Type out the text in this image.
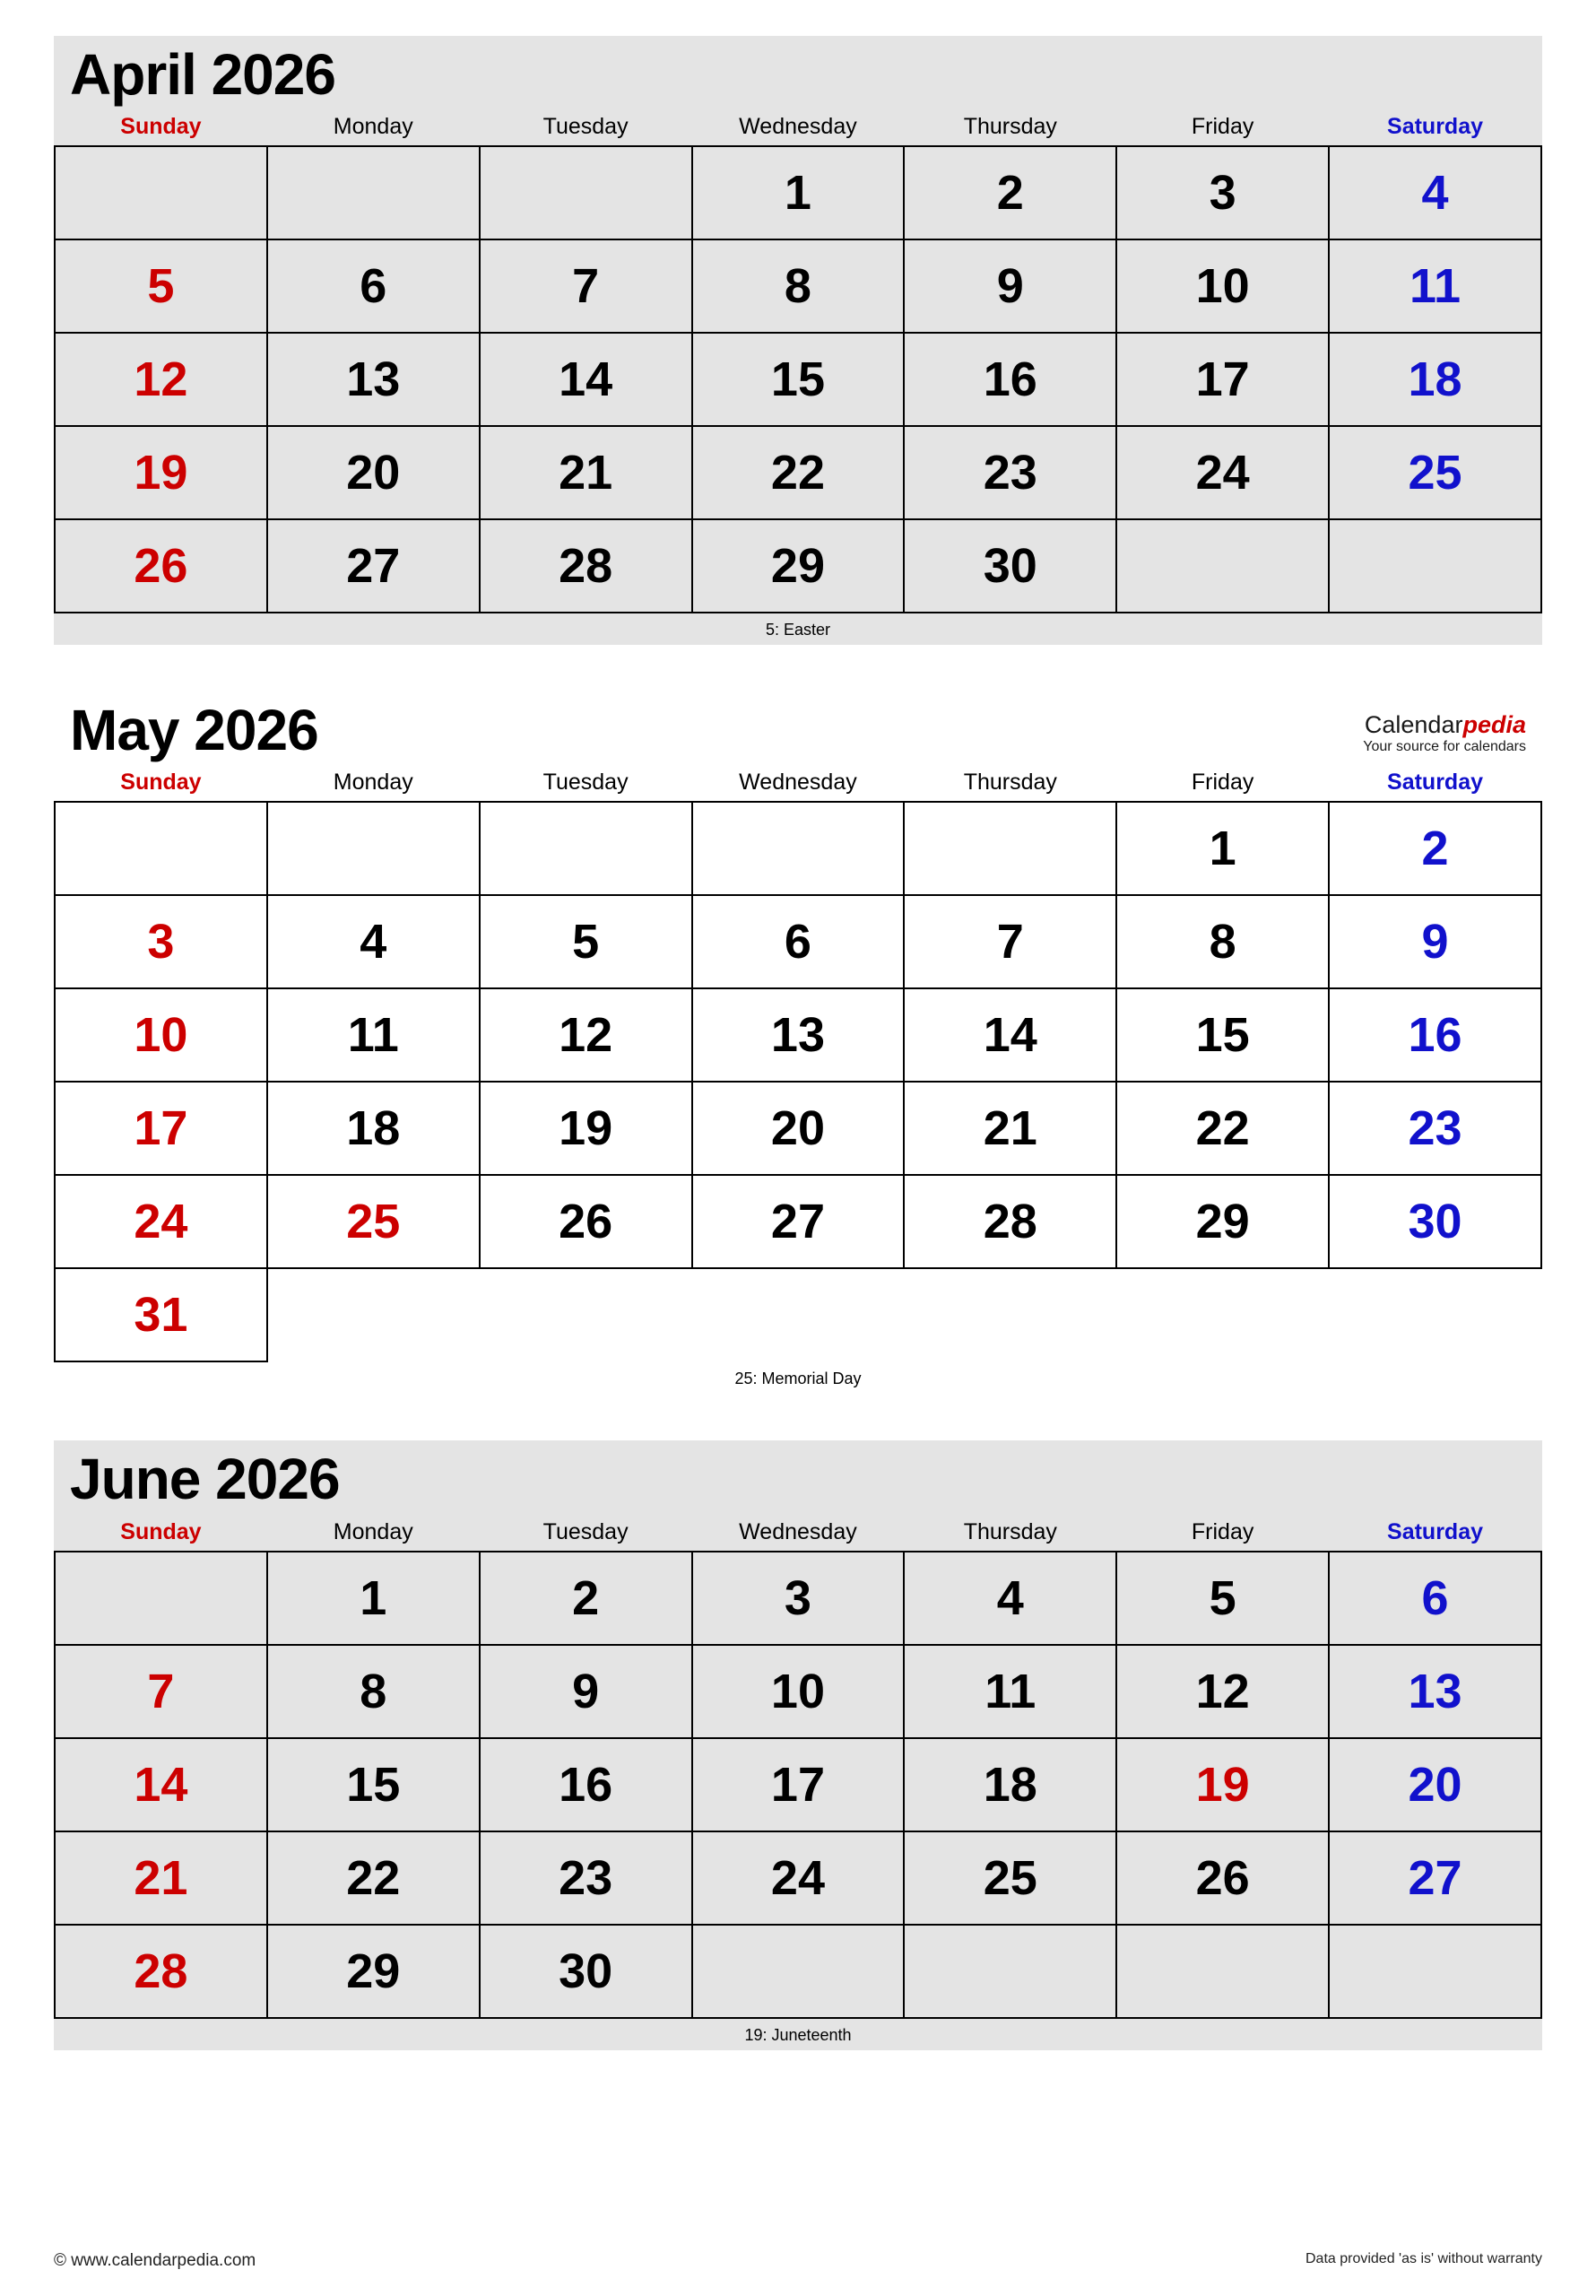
April 2026
Sunday	Monday	Tuesday	Wednesday	Thursday	Friday	Saturday
			1	2	3	4
5	6	7	8	9	10	11
12	13	14	15	16	17	18
19	20	21	22	23	24	25
26	27	28	29	30		
5: Easter
May 2026	Calendarpedia
Your source for calendars
Sunday	Monday	Tuesday	Wednesday	Thursday	Friday	Saturday
					1	2
3	4	5	6	7	8	9
10	11	12	13	14	15	16
17	18	19	20	21	22	23
24	25	26	27	28	29	30
31						
25: Memorial Day
June 2026
Sunday	Monday	Tuesday	Wednesday	Thursday	Friday	Saturday
	1	2	3	4	5	6
7	8	9	10	11	12	13
14	15	16	17	18	19	20
21	22	23	24	25	26	27
28	29	30				
19: Juneteenth
© www.calendarpedia.com	Data provided 'as is' without warranty
